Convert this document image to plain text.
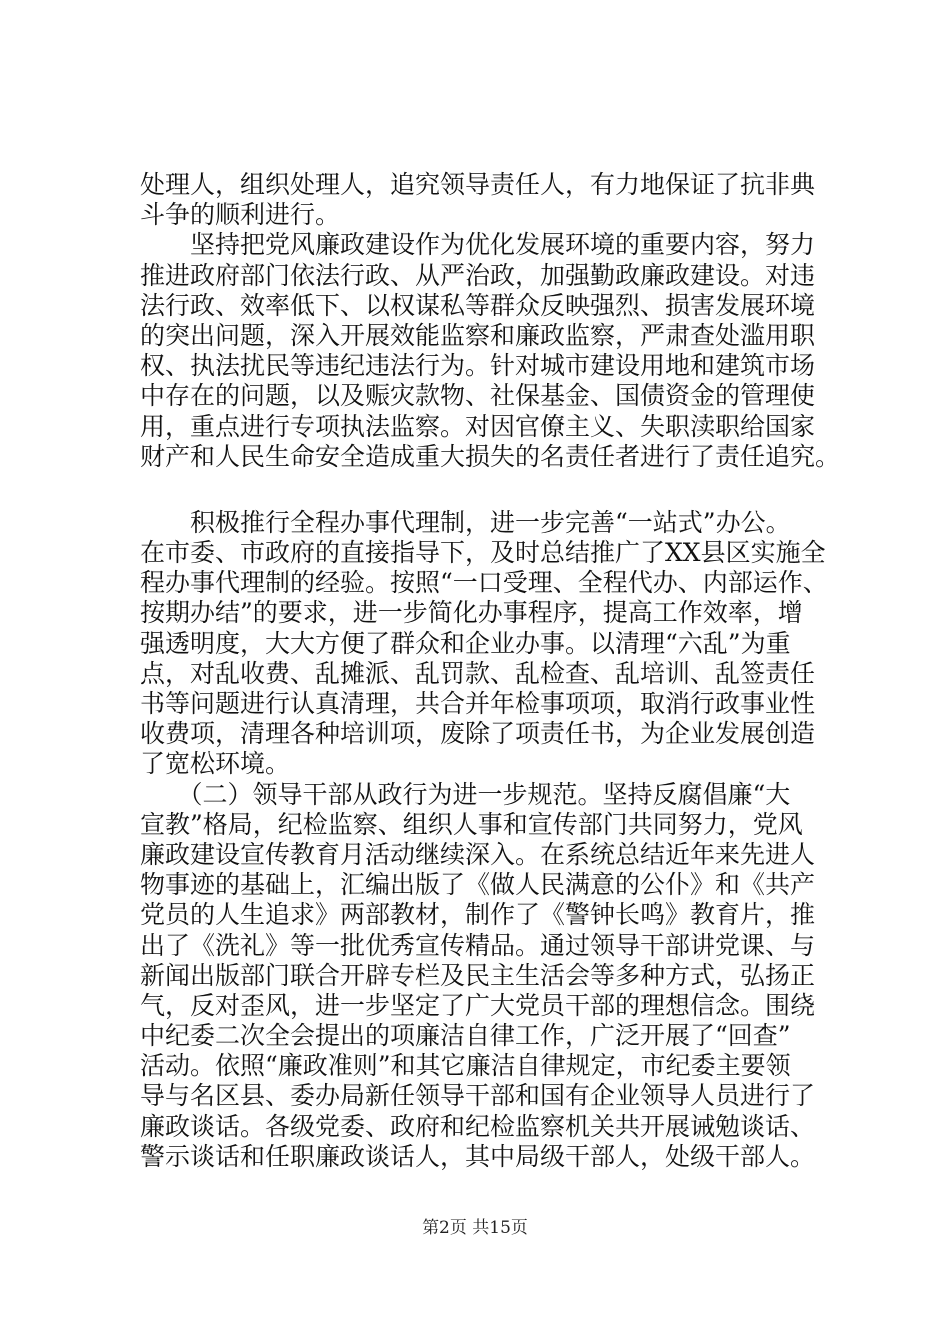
处理人，组织处理人，追究领导责任人，有力地保证了抗非典
斗争的顺利进行。
　　坚持把党风廉政建设作为优化发展环境的重要内容，努力
推进政府部门依法行政、从严治政，加强勤政廉政建设。对违
法行政、效率低下、以权谋私等群众反映强烈、损害发展环境
的突出问题，深入开展效能监察和廉政监察，严肃查处滥用职
权、执法扰民等违纪违法行为。针对城市建设用地和建筑市场
中存在的问题，以及赈灾款物、社保基金、国债资金的管理使
用，重点进行专项执法监察。对因官僚主义、失职渎职给国家
财产和人民生命安全造成重大损失的名责任者进行了责任追究。
　　积极推行全程办事代理制，进一步完善“一站式”办公。
在市委、市政府的直接指导下，及时总结推广了XX县区实施全
程办事代理制的经验。按照“一口受理、全程代办、内部运作、
按期办结”的要求，进一步简化办事程序，提高工作效率，增
强透明度，大大方便了群众和企业办事。以清理“六乱”为重
点，对乱收费、乱摊派、乱罚款、乱检查、乱培训、乱签责任
书等问题进行认真清理，共合并年检事项项，取消行政事业性
收费项，清理各种培训项，废除了项责任书，为企业发展创造
了宽松环境。
　　（二）领导干部从政行为进一步规范。坚持反腐倡廉“大
宣教”格局，纪检监察、组织人事和宣传部门共同努力，党风
廉政建设宣传教育月活动继续深入。在系统总结近年来先进人
物事迹的基础上，汇编出版了《做人民满意的公仆》和《共产
党员的人生追求》两部教材，制作了《警钟长鸣》教育片，推
出了《洗礼》等一批优秀宣传精品。通过领导干部讲党课、与
新闻出版部门联合开辟专栏及民主生活会等多种方式，弘扬正
气，反对歪风，进一步坚定了广大党员干部的理想信念。围绕
中纪委二次全会提出的项廉洁自律工作，广泛开展了“回查”
活动。依照“廉政准则”和其它廉洁自律规定，市纪委主要领
导与名区县、委办局新任领导干部和国有企业领导人员进行了
廉政谈话。各级党委、政府和纪检监察机关共开展诫勉谈话、
警示谈话和任职廉政谈话人，其中局级干部人，处级干部人。
第2页 共15页
